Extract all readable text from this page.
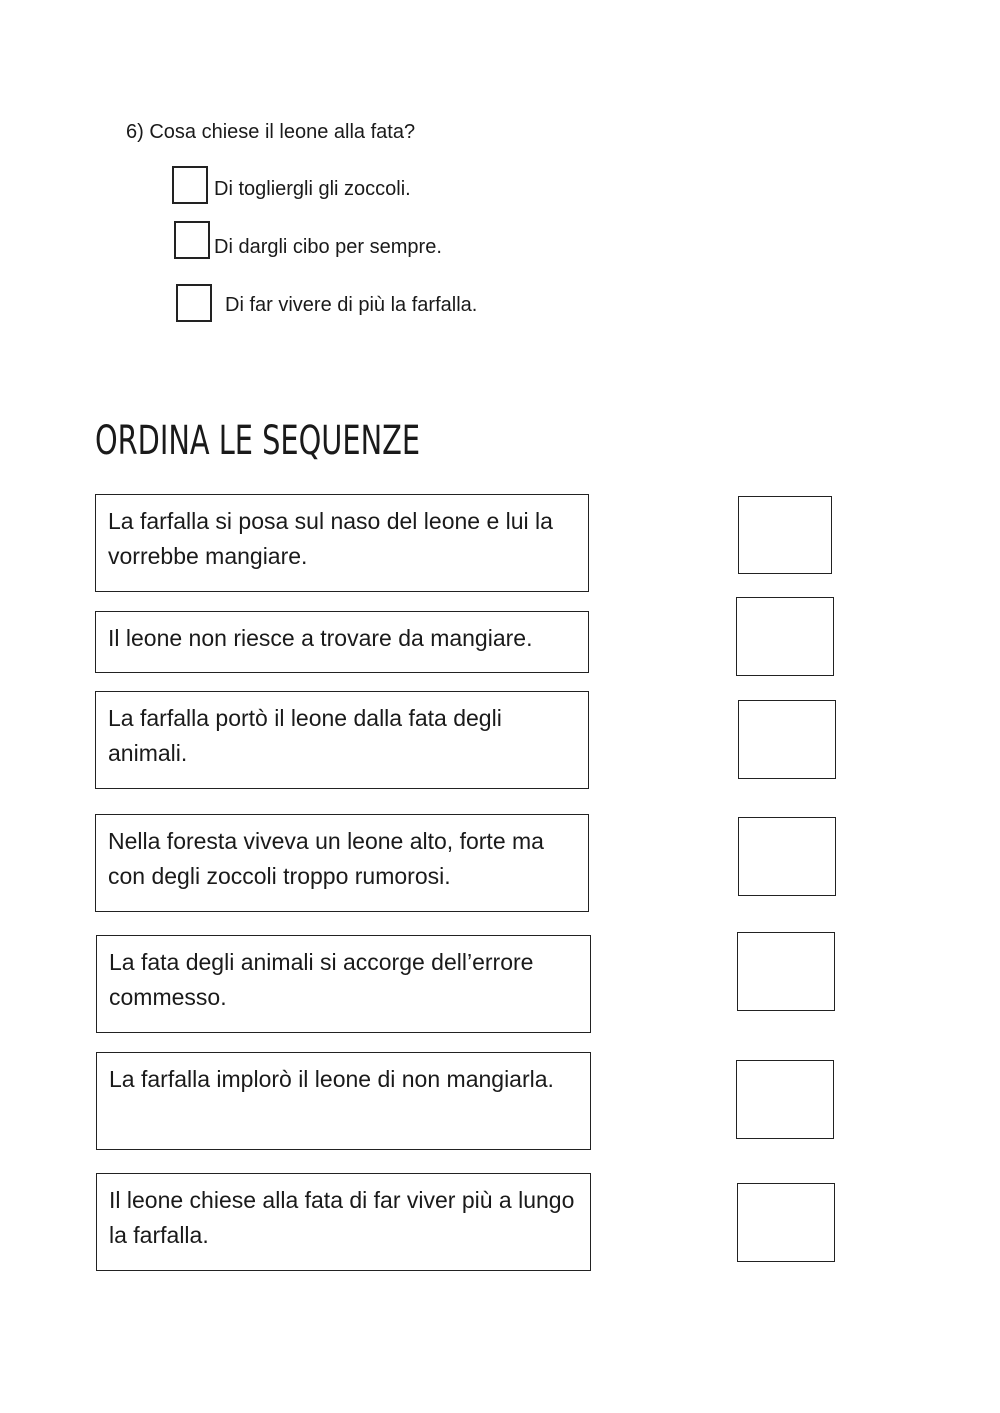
6) Cosa chiese il leone alla fata?
Di togliergli gli zoccoli.
Di dargli cibo per sempre.
Di far vivere di più la farfalla.
ORDINA LE SEQUENZE
La farfalla si posa sul naso del leone e lui la vorrebbe mangiare.
Il leone non riesce a trovare da mangiare.
La farfalla portò il leone dalla fata degli animali.
Nella foresta viveva un leone alto, forte ma con degli zoccoli troppo rumorosi.
La fata degli animali si accorge dell’errore commesso.
La farfalla implorò il leone di non mangiarla.
Il leone chiese alla fata di far viver più a lungo la farfalla.
